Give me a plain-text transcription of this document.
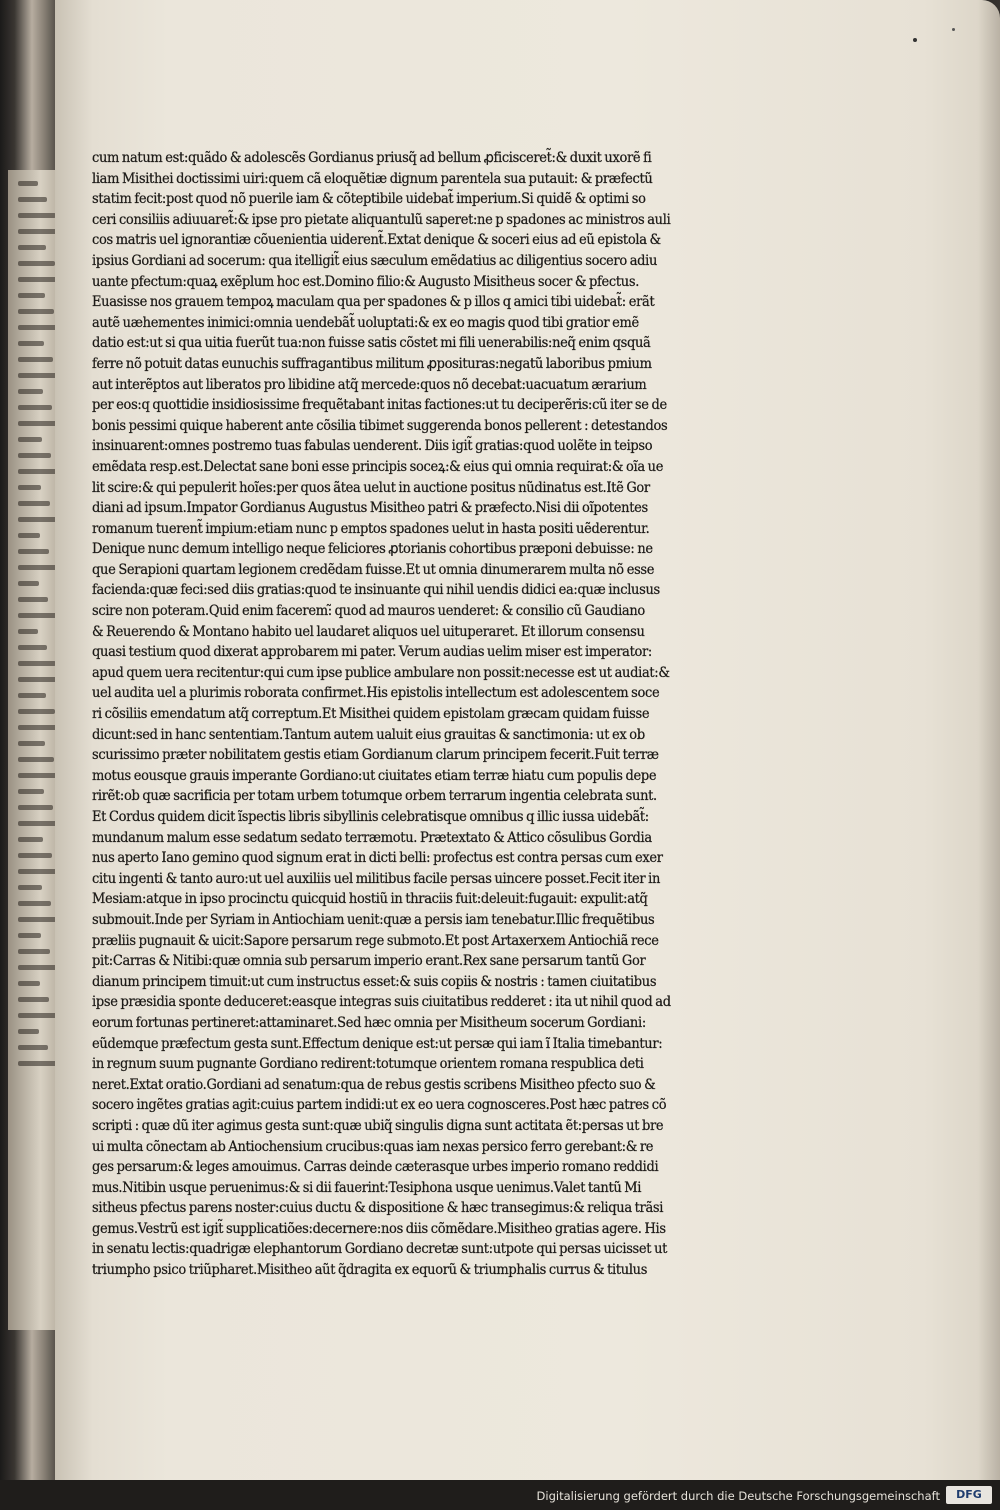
cum natum est:quãdo & adolescẽs Gordianus priusq̃ ad bellum ꝓficisceret̃:& duxit uxorẽ fi
liam Misithei doctissimi uiri:quem cã eloquẽtiæ dignum parentela sua putauit: & præfectũ
statim fecit:post quod nõ puerile iam & cõteptibile uidebat̃ imperium.Si quidẽ & optimi so
ceri consiliis adiuuaret̃:& ipse pro pietate aliquantulũ saperet:ne p spadones ac ministros auli
cos matris uel ignorantiæ cõuenientia uiderent̃.Extat denique & soceri eius ad eũ epistola &
ipsius Gordiani ad socerum: qua itelligit̃ eius sæculum emẽdatius ac diligentius socero adiu
uante pfectum:quaꝝ exẽplum hoc est.Domino filio:& Augusto Misitheus socer & pfectus.
Euasisse nos grauem tempoꝝ maculam qua per spadones & p illos q amici tibi uidebat̃: erãt
autẽ uæhementes inimici:omnia uendebãt̃ uoluptati:& ex eo magis quod tibi gratior emẽ
datio est:ut si qua uitia fuerũt tua:non fuisse satis cõstet mi fili uenerabilis:neq̃ enim qsquã
ferre nõ potuit datas eunuchis suffragantibus militum ꝓposituras:negatũ laboribus pmium
aut interẽptos aut liberatos pro libidine atq̃ mercede:quos nõ decebat:uacuatum ærarium
per eos:q quottidie insidiosissime frequẽtabant initas factiones:ut tu deciperẽris:cũ iter se de
bonis pessimi quique haberent ante cõsilia tibimet suggerenda bonos pellerent : detestandos
insinuarent:omnes postremo tuas fabulas uenderent. Diis igit̃ gratias:quod uolẽte in teipso
emẽdata resp.est.Delectat sane boni esse principis soceꝝ:& eius qui omnia requirat:& oĩa ue
lit scire:& qui pepulerit hoĩes:per quos ãtea uelut in auctione positus nũdinatus est.Itẽ Gor
diani ad ipsum.Impator Gordianus Augustus Misitheo patri & præfecto.Nisi dii oĩpotentes
romanum tuerent̃ impium:etiam nunc p emptos spadones uelut in hasta positi uẽderentur.
Denique nunc demum intelligo neque feliciores ꝓtorianis cohortibus præponi debuisse: ne
que Serapioni quartam legionem credẽdam fuisse.Et ut omnia dinumerarem multa nõ esse
facienda:quæ feci:sed diis gratias:quod te insinuante qui nihil uendis didici ea:quæ inclusus
scire non poteram.Quid enim facerem:̃ quod ad mauros uenderet: & consilio cũ Gaudiano
& Reuerendo & Montano habito uel laudaret aliquos uel uituperaret. Et illorum consensu
quasi testium quod dixerat approbarem mi pater. Verum audias uelim miser est imperator:
apud quem uera recitentur:qui cum ipse publice ambulare non possit:necesse est ut audiat:&
uel audita uel a plurimis roborata confirmet.His epistolis intellectum est adolescentem soce
ri cõsiliis emendatum atq̃ correptum.Et Misithei quidem epistolam græcam quidam fuisse
dicunt:sed in hanc sententiam.Tantum autem ualuit eius grauitas & sanctimonia: ut ex ob
scurissimo præter nobilitatem gestis etiam Gordianum clarum principem fecerit.Fuit terræ
motus eousque grauis imperante Gordiano:ut ciuitates etiam terræ hiatu cum populis depe
rirẽt:ob quæ sacrificia per totam urbem totumque orbem terrarum ingentia celebrata sunt.
Et Cordus quidem dicit ĩspectis libris sibyllinis celebratisque omnibus q illic iussa uidebãt̃:
mundanum malum esse sedatum sedato terræmotu. Prætextato & Attico cõsulibus Gordia
nus aperto Iano gemino quod signum erat in dicti belli: profectus est contra persas cum exer
citu ingenti & tanto auro:ut uel auxiliis uel militibus facile persas uincere posset.Fecit iter in
Mesiam:atque in ipso procinctu quicquid hostiũ in thraciis fuit:deleuit:fugauit: expulit:atq̃
submouit.Inde per Syriam in Antiochiam uenit:quæ a persis iam tenebatur.Illic frequẽtibus
præliis pugnauit & uicit:Sapore persarum rege submoto.Et post Artaxerxem Antiochiã rece
pit:Carras & Nitibi:quæ omnia sub persarum imperio erant.Rex sane persarum tantũ Gor
dianum principem timuit:ut cum instructus esset:& suis copiis & nostris : tamen ciuitatibus
ipse præsidia sponte deduceret:easque integras suis ciuitatibus redderet : ita ut nihil quod ad
eorum fortunas pertineret:attaminaret.Sed hæc omnia per Misitheum socerum Gordiani:
eũdemque præfectum gesta sunt.Effectum denique est:ut persæ qui iam ĩ Italia timebantur:
in regnum suum pugnante Gordiano redirent:totumque orientem romana respublica deti
neret.Extat oratio.Gordiani ad senatum:qua de rebus gestis scribens Misitheo pfecto suo &
socero ingẽtes gratias agit:cuius partem indidi:ut ex eo uera cognosceres.Post hæc patres cõ
scripti : quæ dũ iter agimus gesta sunt:quæ ubiq̃ singulis digna sunt actitata ẽt:persas ut bre
ui multa cõnectam ab Antiochensium crucibus:quas iam nexas persico ferro gerebant:& re
ges persarum:& leges amouimus. Carras deinde cæterasque urbes imperio romano reddidi
mus.Nitibin usque peruenimus:& si dii fauerint:Tesiphona usque uenimus.Valet tantũ Mi
sitheus pfectus parens noster:cuius ductu & dispositione & hæc transegimus:& reliqua trãsi
gemus.Vestrũ est igit̃ supplicatiões:decernere:nos diis cõmẽdare.Misitheo gratias agere. His
in senatu lectis:quadrigæ elephantorum Gordiano decretæ sunt:utpote qui persas uicisset ut
triumpho psico triũpharet.Misitheo aũt q̃dragita ex equorũ & triumphalis currus & titulus
Digitalisierung gefördert durch die Deutsche Forschungsgemeinschaft	DFG
